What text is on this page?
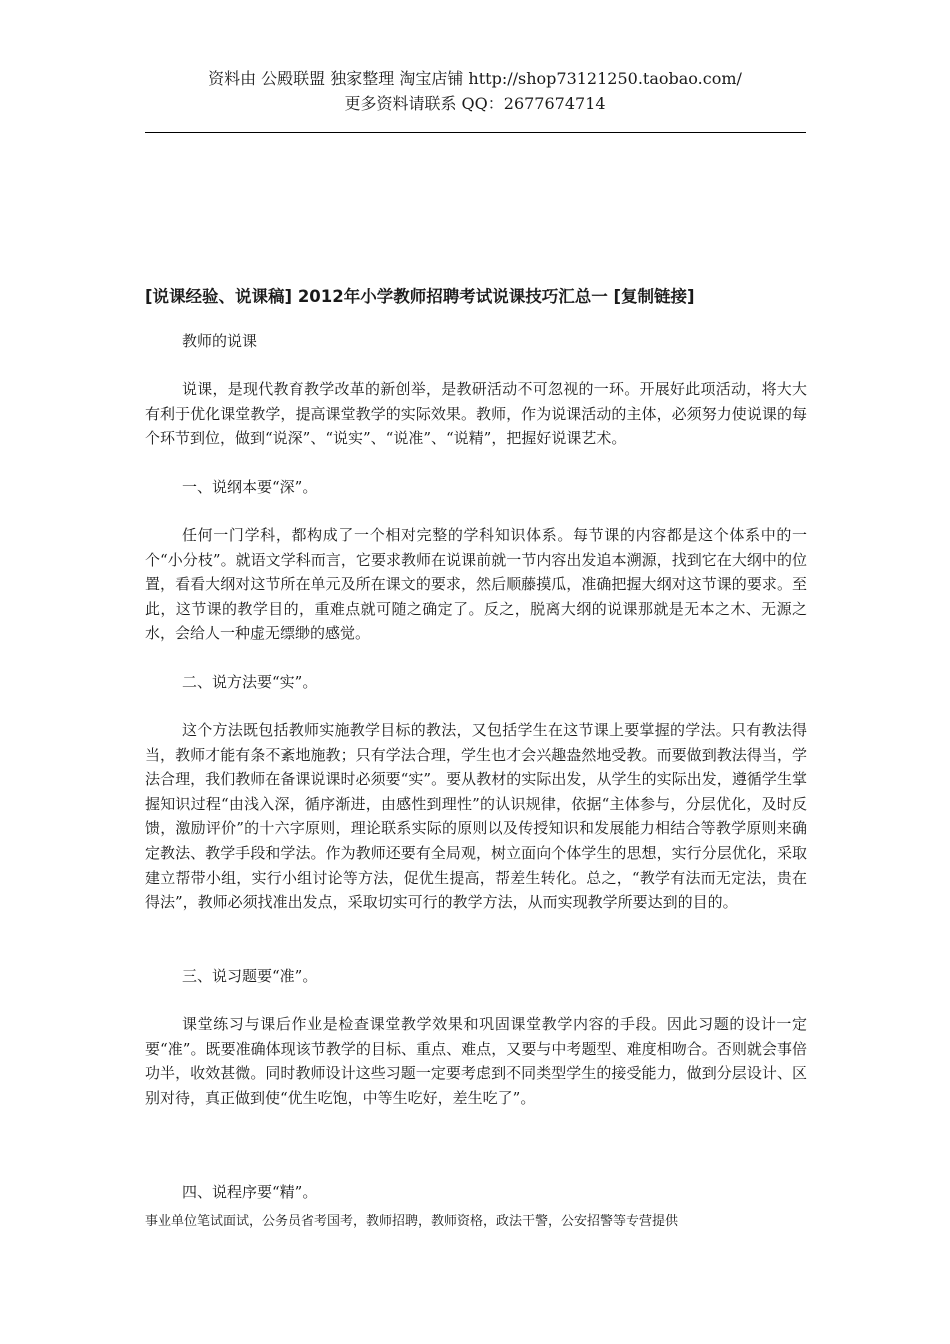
资料由 公殿联盟 独家整理 淘宝店铺 http://shop73121250.taobao.com/
更多资料请联系 QQ：2677674714
[说课经验、说课稿] 2012年小学教师招聘考试说课技巧汇总一 [复制链接]

教师的说课

说课，是现代教育教学改革的新创举，是教研活动不可忽视的一环。开展好此项活动，将大大有利于优化课堂教学，提高课堂教学的实际效果。教师，作为说课活动的主体，必须努力使说课的每个环节到位，做到“说深”、“说实”、“说准”、“说精”，把握好说课艺术。

一、说纲本要“深”。

任何一门学科，都构成了一个相对完整的学科知识体系。每节课的内容都是这个体系中的一个“小分枝”。就语文学科而言，它要求教师在说课前就一节内容出发追本溯源，找到它在大纲中的位置，看看大纲对这节所在单元及所在课文的要求，然后顺藤摸瓜，准确把握大纲对这节课的要求。至此，这节课的教学目的，重难点就可随之确定了。反之，脱离大纲的说课那就是无本之木、无源之水，会给人一种虚无缥缈的感觉。

二、说方法要“实”。

这个方法既包括教师实施教学目标的教法，又包括学生在这节课上要掌握的学法。只有教法得当，教师才能有条不紊地施教；只有学法合理，学生也才会兴趣盎然地受教。而要做到教法得当，学法合理，我们教师在备课说课时必须要“实”。要从教材的实际出发，从学生的实际出发，遵循学生掌握知识过程“由浅入深，循序渐进，由感性到理性”的认识规律，依据“主体参与，分层优化，及时反馈，激励评价”的十六字原则，理论联系实际的原则以及传授知识和发展能力相结合等教学原则来确定教法、教学手段和学法。作为教师还要有全局观，树立面向个体学生的思想，实行分层优化，采取建立帮带小组，实行小组讨论等方法，促优生提高，帮差生转化。总之，“教学有法而无定法，贵在得法”，教师必须找准出发点，采取切实可行的教学方法，从而实现教学所要达到的目的。

三、说习题要“准”。

课堂练习与课后作业是检查课堂教学效果和巩固课堂教学内容的手段。因此习题的设计一定要“准”。既要准确体现该节教学的目标、重点、难点，又要与中考题型、难度相吻合。否则就会事倍功半，收效甚微。同时教师设计这些习题一定要考虑到不同类型学生的接受能力，做到分层设计、区别对待，真正做到使“优生吃饱，中等生吃好，差生吃了”。

四、说程序要“精”。

事业单位笔试面试，公务员省考国考，教师招聘，教师资格，政法干警，公安招警等专营提供
